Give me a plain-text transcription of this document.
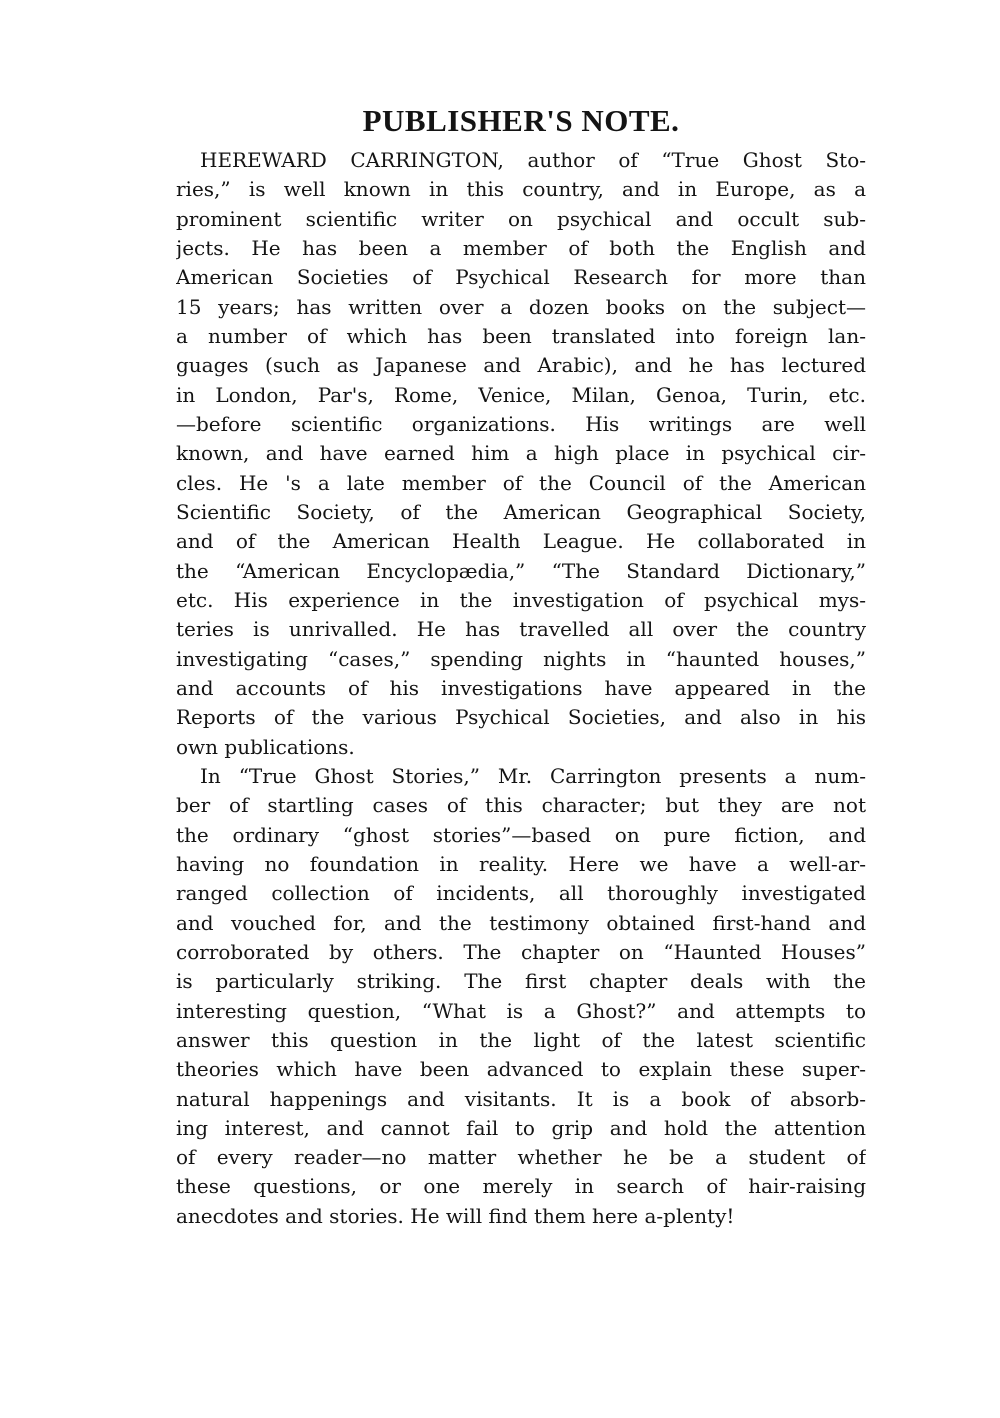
PUBLISHER'S NOTE.
HEREWARD CARRINGTON, author of “True Ghost Sto-
ries,” is well known in this country, and in Europe, as a
prominent scientific writer on psychical and occult sub-
jects. He has been a member of both the English and
American Societies of Psychical Research for more than
15 years; has written over a dozen books on the subject—
a number of which has been translated into foreign lan-
guages (such as Japanese and Arabic), and he has lectured
in London, Par's, Rome, Venice, Milan, Genoa, Turin, etc.
—before scientific organizations. His writings are well
known, and have earned him a high place in psychical cir-
cles. He 's a late member of the Council of the American
Scientific Society, of the American Geographical Society,
and of the American Health League. He collaborated in
the “American Encyclopædia,” “The Standard Dictionary,”
etc. His experience in the investigation of psychical mys-
teries is unrivalled. He has travelled all over the country
investigating “cases,” spending nights in “haunted houses,”
and accounts of his investigations have appeared in the
Reports of the various Psychical Societies, and also in his
own publications.
In “True Ghost Stories,” Mr. Carrington presents a num-
ber of startling cases of this character; but they are not
the ordinary “ghost stories”—based on pure fiction, and
having no foundation in reality. Here we have a well-ar-
ranged collection of incidents, all thoroughly investigated
and vouched for, and the testimony obtained first-hand and
corroborated by others. The chapter on “Haunted Houses”
is particularly striking. The first chapter deals with the
interesting question, “What is a Ghost?” and attempts to
answer this question in the light of the latest scientific
theories which have been advanced to explain these super-
natural happenings and visitants. It is a book of absorb-
ing interest, and cannot fail to grip and hold the attention
of every reader—no matter whether he be a student of
these questions, or one merely in search of hair-raising
anecdotes and stories. He will find them here a-plenty!
